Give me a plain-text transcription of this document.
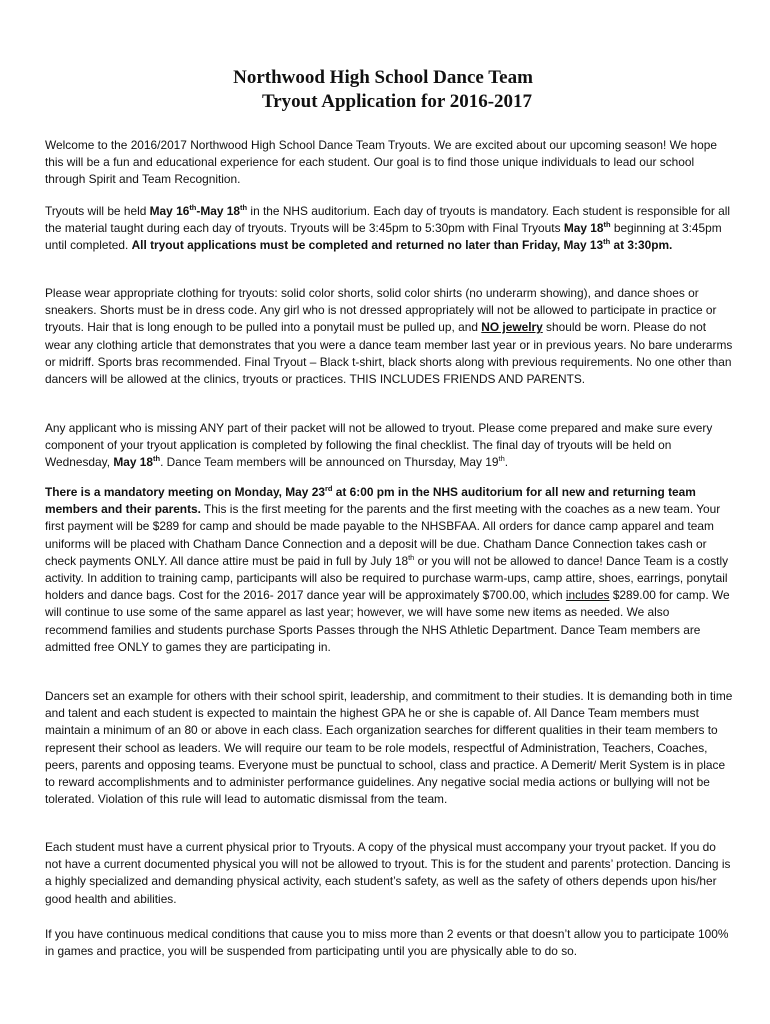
Northwood High School Dance Team
Tryout Application for 2016-2017

Welcome to the 2016/2017 Northwood High School Dance Team Tryouts. We are excited about our upcoming season! We hope this will be a fun and educational experience for each student. Our goal is to find those unique individuals to lead our school through Spirit and Team Recognition.

Tryouts will be held May 16th-May 18th in the NHS auditorium. Each day of tryouts is mandatory. Each student is responsible for all the material taught during each day of tryouts. Tryouts will be 3:45pm to 5:30pm with Final Tryouts May 18th beginning at 3:45pm until completed. All tryout applications must be completed and returned no later than Friday, May 13th at 3:30pm.

Please wear appropriate clothing for tryouts: solid color shorts, solid color shirts (no underarm showing), and dance shoes or sneakers. Shorts must be in dress code. Any girl who is not dressed appropriately will not be allowed to participate in practice or tryouts. Hair that is long enough to be pulled into a ponytail must be pulled up, and NO jewelry should be worn. Please do not wear any clothing article that demonstrates that you were a dance team member last year or in previous years. No bare underarms or midriff. Sports bras recommended. Final Tryout – Black t-shirt, black shorts along with previous requirements. No one other than dancers will be allowed at the clinics, tryouts or practices. THIS INCLUDES FRIENDS AND PARENTS.

Any applicant who is missing ANY part of their packet will not be allowed to tryout. Please come prepared and make sure every component of your tryout application is completed by following the final checklist. The final day of tryouts will be held on Wednesday, May 18th. Dance Team members will be announced on Thursday, May 19th.

There is a mandatory meeting on Monday, May 23rd at 6:00 pm in the NHS auditorium for all new and returning team members and their parents. This is the first meeting for the parents and the first meeting with the coaches as a new team. Your first payment will be $289 for camp and should be made payable to the NHSBFAA. All orders for dance camp apparel and team uniforms will be placed with Chatham Dance Connection and a deposit will be due. Chatham Dance Connection takes cash or check payments ONLY. All dance attire must be paid in full by July 18th or you will not be allowed to dance! Dance Team is a costly activity. In addition to training camp, participants will also be required to purchase warm-ups, camp attire, shoes, earrings, ponytail holders and dance bags. Cost for the 2016- 2017 dance year will be approximately $700.00, which includes $289.00 for camp. We will continue to use some of the same apparel as last year; however, we will have some new items as needed. We also recommend families and students purchase Sports Passes through the NHS Athletic Department. Dance Team members are admitted free ONLY to games they are participating in.

Dancers set an example for others with their school spirit, leadership, and commitment to their studies. It is demanding both in time and talent and each student is expected to maintain the highest GPA he or she is capable of. All Dance Team members must maintain a minimum of an 80 or above in each class. Each organization searches for different qualities in their team members to represent their school as leaders. We will require our team to be role models, respectful of Administration, Teachers, Coaches, peers, parents and opposing teams. Everyone must be punctual to school, class and practice. A Demerit/ Merit System is in place to reward accomplishments and to administer performance guidelines. Any negative social media actions or bullying will not be tolerated. Violation of this rule will lead to automatic dismissal from the team.

Each student must have a current physical prior to Tryouts. A copy of the physical must accompany your tryout packet. If you do not have a current documented physical you will not be allowed to tryout. This is for the student and parents’ protection. Dancing is a highly specialized and demanding physical activity, each student’s safety, as well as the safety of others depends upon his/her good health and abilities.

If you have continuous medical conditions that cause you to miss more than 2 events or that doesn’t allow you to participate 100% in games and practice, you will be suspended from participating until you are physically able to do so.
